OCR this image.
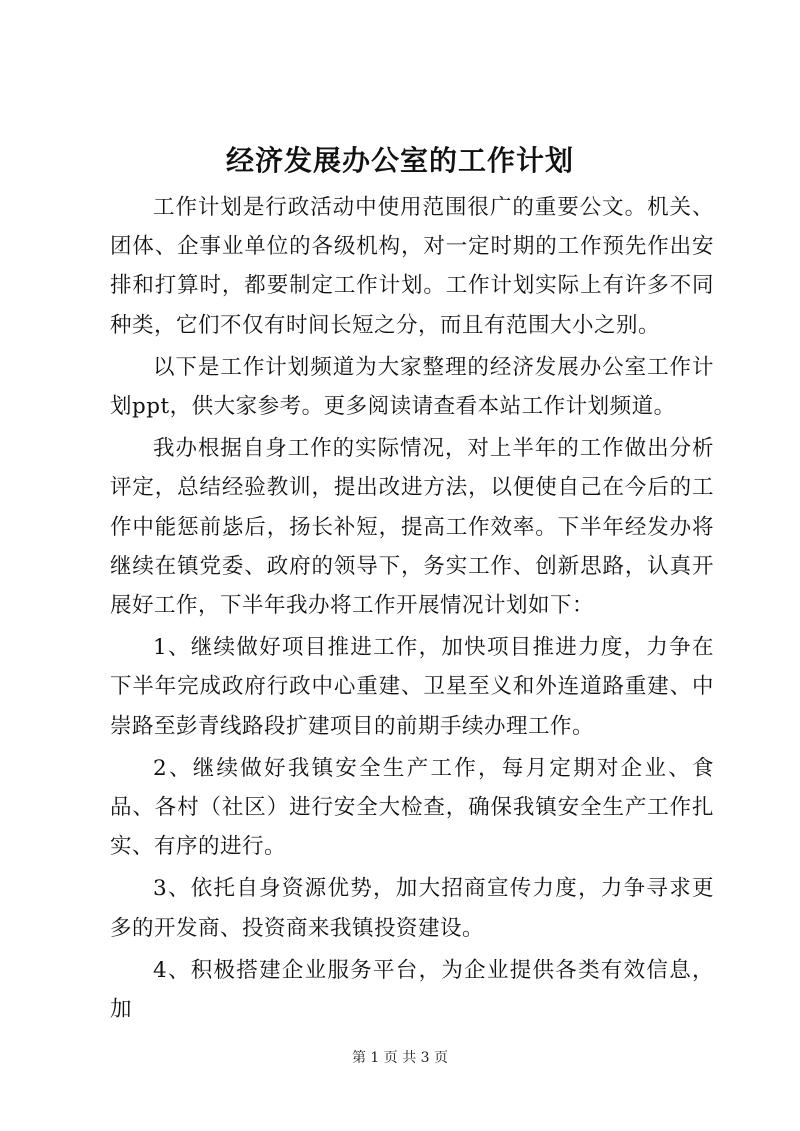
经济发展办公室的工作计划

工作计划是行政活动中使用范围很广的重要公文。机关、团体、企事业单位的各级机构，对一定时期的工作预先作出安排和打算时，都要制定工作计划。工作计划实际上有许多不同种类，它们不仅有时间长短之分，而且有范围大小之别。

以下是工作计划频道为大家整理的经济发展办公室工作计划ppt，供大家参考。更多阅读请查看本站工作计划频道。

我办根据自身工作的实际情况，对上半年的工作做出分析评定，总结经验教训，提出改进方法，以便使自己在今后的工作中能惩前毖后，扬长补短，提高工作效率。下半年经发办将继续在镇党委、政府的领导下，务实工作、创新思路，认真开展好工作，下半年我办将工作开展情况计划如下：

1、继续做好项目推进工作，加快项目推进力度，力争在下半年完成政府行政中心重建、卫星至义和外连道路重建、中崇路至彭青线路段扩建项目的前期手续办理工作。

2、继续做好我镇安全生产工作，每月定期对企业、食品、各村（社区）进行安全大检查，确保我镇安全生产工作扎实、有序的进行。

3、依托自身资源优势，加大招商宣传力度，力争寻求更多的开发商、投资商来我镇投资建设。

4、积极搭建企业服务平台，为企业提供各类有效信息，加

第 1 页 共 3 页
